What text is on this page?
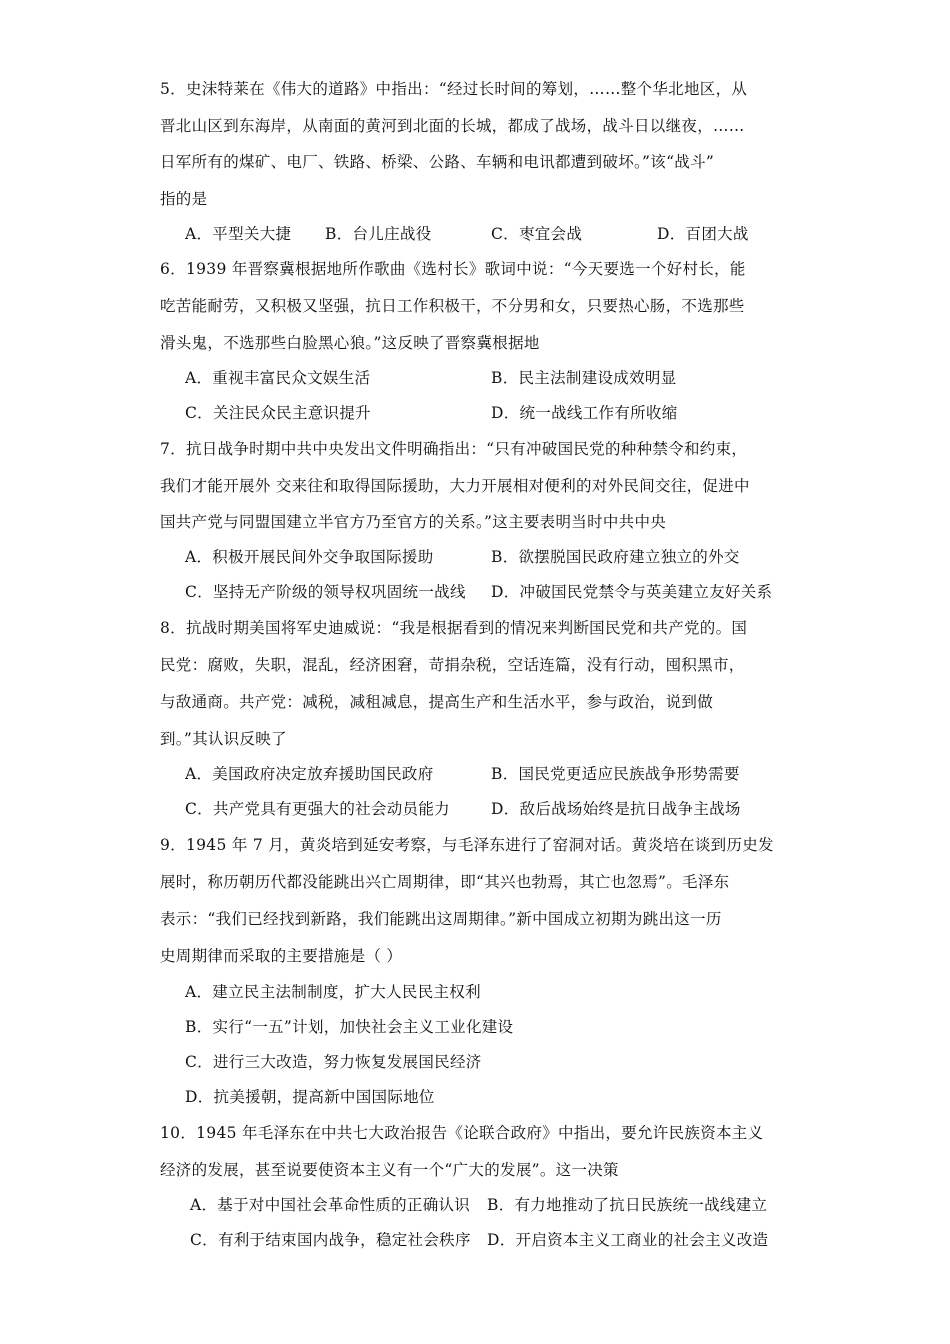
5．史沫特莱在《伟大的道路》中指出：“经过长时间的筹划，……整个华北地区，从
晋北山区到东海岸，从南面的黄河到北面的长城，都成了战场，战斗日以继夜，……
日军所有的煤矿、电厂、铁路、桥梁、公路、车辆和电讯都遭到破坏。”该“战斗”
指的是
A．平型关大捷 B．台儿庄战役	C．枣宜会战	D．百团大战
6．1939 年晋察冀根据地所作歌曲《选村长》歌词中说：“今天要选一个好村长，能
吃苦能耐劳，又积极又坚强，抗日工作积极干，不分男和女，只要热心肠，不选那些
滑头鬼，不选那些白脸黑心狼。”这反映了晋察冀根据地
A．重视丰富民众文娱生活	B．民主法制建设成效明显
C．关注民众民主意识提升	D．统一战线工作有所收缩
7．抗日战争时期中共中央发出文件明确指出：“只有冲破国民党的种种禁令和约束，
我们才能开展外 交来往和取得国际援助，大力开展相对便利的对外民间交往，促进中
国共产党与同盟国建立半官方乃至官方的关系。”这主要表明当时中共中央
A．积极开展民间外交争取国际援助	B．欲摆脱国民政府建立独立的外交
C．坚持无产阶级的领导权巩固统一战线 D．冲破国民党禁令与英美建立友好关系
8．抗战时期美国将军史迪威说：“我是根据看到的情况来判断国民党和共产党的。国
民党：腐败，失职，混乱，经济困窘，苛捐杂税，空话连篇，没有行动，囤积黑市，
与敌通商。共产党：减税，减租减息，提高生产和生活水平，参与政治，说到做
到。”其认识反映了
A．美国政府决定放弃援助国民政府	B．国民党更适应民族战争形势需要
C．共产党具有更强大的社会动员能力	D．敌后战场始终是抗日战争主战场
9．1945 年 7 月，黄炎培到延安考察，与毛泽东进行了窑洞对话。黄炎培在谈到历史发
展时，称历朝历代都没能跳出兴亡周期律，即“其兴也勃焉，其亡也忽焉”。毛泽东
表示：“我们已经找到新路，我们能跳出这周期律。”新中国成立初期为跳出这一历
史周期律而采取的主要措施是（ ）
A．建立民主法制制度，扩大人民民主权利
B．实行“一五”计划，加快社会主义工业化建设
C．进行三大改造，努力恢复发展国民经济
D．抗美援朝，提高新中国国际地位
10．1945 年毛泽东在中共七大政治报告《论联合政府》中指出，要允许民族资本主义
经济的发展，甚至说要使资本主义有一个“广大的发展”。这一决策
A．基于对中国社会革命性质的正确认识 B．有力地推动了抗日民族统一战线建立
C．有利于结束国内战争，稳定社会秩序 D．开启资本主义工商业的社会主义改造
